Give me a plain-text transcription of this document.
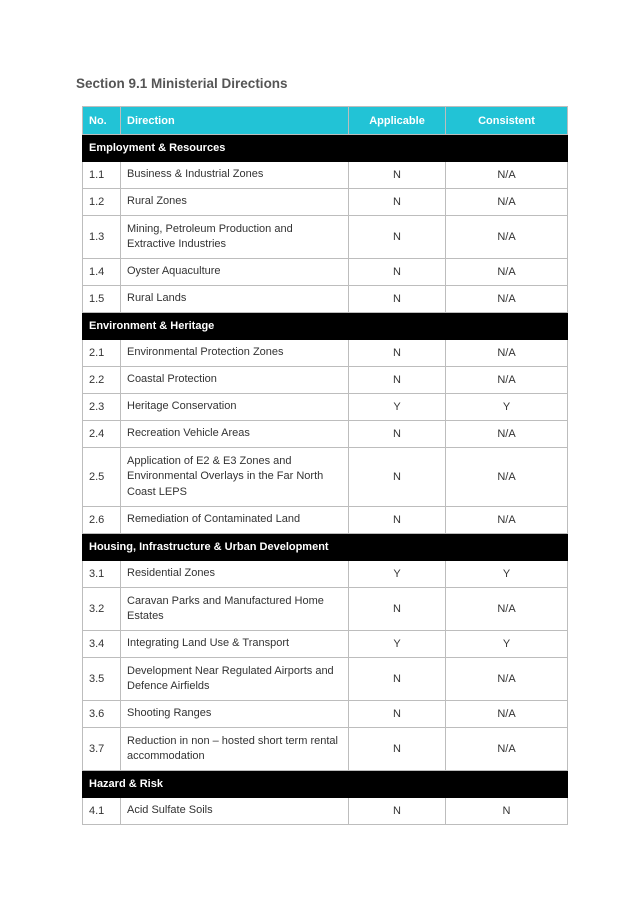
Section 9.1 Ministerial Directions
No.	Direction	Applicable	Consistent
Employment & Resources			
1.1	Business & Industrial Zones	N	N/A
1.2	Rural Zones	N	N/A
1.3	Mining, Petroleum Production and Extractive Industries	N	N/A
1.4	Oyster Aquaculture	N	N/A
1.5	Rural Lands	N	N/A
Environment & Heritage			
2.1	Environmental Protection Zones	N	N/A
2.2	Coastal Protection	N	N/A
2.3	Heritage Conservation	Y	Y
2.4	Recreation Vehicle Areas	N	N/A
2.5	Application of E2 & E3 Zones and Environmental Overlays in the Far North Coast LEPS	N	N/A
2.6	Remediation of Contaminated Land	N	N/A
Housing, Infrastructure & Urban Development			
3.1	Residential Zones	Y	Y
3.2	Caravan Parks and Manufactured Home Estates	N	N/A
3.4	Integrating Land Use & Transport	Y	Y
3.5	Development Near Regulated Airports and Defence Airfields	N	N/A
3.6	Shooting Ranges	N	N/A
3.7	Reduction in non – hosted short term rental accommodation	N	N/A
Hazard & Risk			
4.1	Acid Sulfate Soils	N	N
